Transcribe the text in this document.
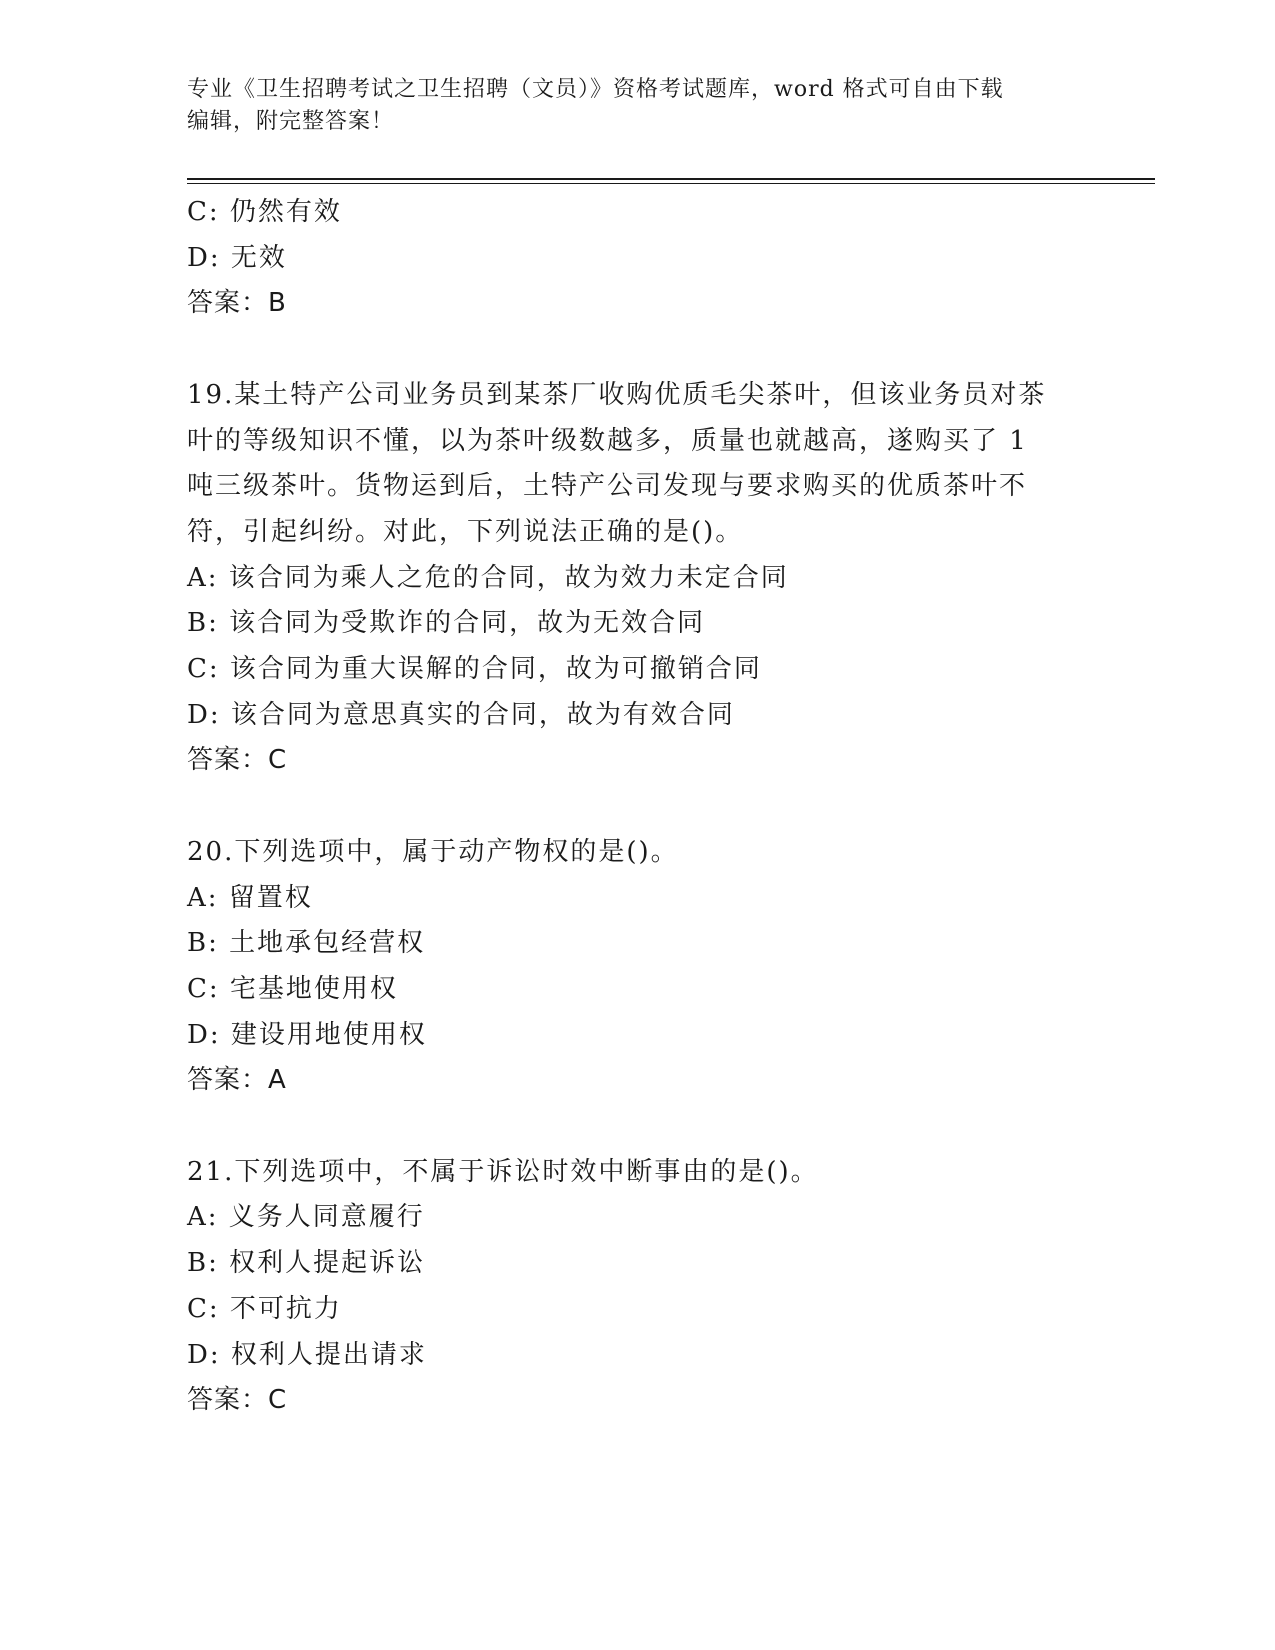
专业《卫生招聘考试之卫生招聘（文员）》资格考试题库，word 格式可自由下载
编辑，附完整答案！
C: 仍然有效
D: 无效
答案：B
19.某土特产公司业务员到某茶厂收购优质毛尖茶叶，但该业务员对茶
叶的等级知识不懂，以为茶叶级数越多，质量也就越高，遂购买了 1
吨三级茶叶。货物运到后，土特产公司发现与要求购买的优质茶叶不
符，引起纠纷。对此，下列说法正确的是()。
A: 该合同为乘人之危的合同，故为效力未定合同
B: 该合同为受欺诈的合同，故为无效合同
C: 该合同为重大误解的合同，故为可撤销合同
D: 该合同为意思真实的合同，故为有效合同
答案：C
20.下列选项中，属于动产物权的是()。
A: 留置权
B: 土地承包经营权
C: 宅基地使用权
D: 建设用地使用权
答案：A
21.下列选项中，不属于诉讼时效中断事由的是()。
A: 义务人同意履行
B: 权利人提起诉讼
C: 不可抗力
D: 权利人提出请求
答案：C
